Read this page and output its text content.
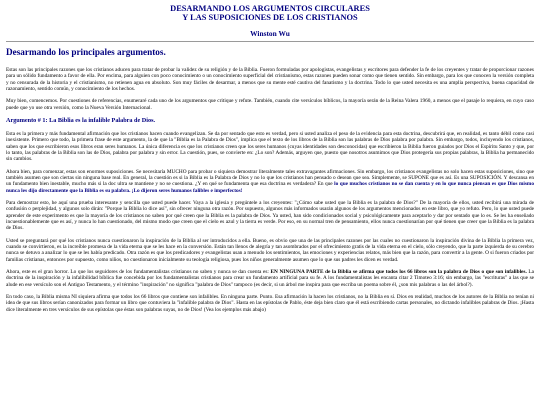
DESARMANDO LOS ARGUMENTOS CIRCULARES
Y LAS SUPOSICIONES DE LOS CRISTIANOS
Winston Wu
Desarmando los principales argumentos.

Estas son las principales razones que los cristianos aducen para tratar de probar la validez de su religión y de la Biblia. Fueron formuladas por apologistas, evangelistas y escritores para defender la fe de los creyentes y tratar de proporcionar razones para un sólido fundamento a favor de ella. Por encima, para alguien con poco conocimiento o un conocimiento superficial del cristianismo, estas razones pueden sonar como que tienen sentido. Sin embargo, para los que conocen la versión completa y no censurada de la historia y el cristianismo, no retienen agua en absoluto. Son muy fáciles de desarmar, a menos que su mente esté cautiva del fanatismo y la doctrina. Todo lo que usted necesita es una amplia perspectiva, buena capacidad de razonamiento, sentido común, y conocimiento de los hechos.

Muy bien, comencemos. Por cuestiones de referencias, enumeraré cada uno de los argumentos que critique y refute. También, cuando cite versículos bíblicos, la mayoría serán de la Reina Valera 1960, a menos que el pasaje lo requiera, en cuyo caso puede que yo use otra versión, como la Nueva Versión Internacional.

Argumento # 1: La Biblia es la infalible Palabra de Dios.

Esta es la primera y más fundamental afirmación que los cristianos hacen cuando evangelizan. Se da por sentado que esto es verdad, pero si usted analiza el peso de la evidencia para esta doctrina, descubrirá que, en realidad, es tanto débil como casi inexistente. Primero que todo, la primera frase de este argumento, la de que la "Biblia es la Palabra de Dios", implica que el texto de los libros de la Biblia son las palabras de Dios palabra por palabra. Sin embargo, todos, incluyendo los cristianos, saben que los que escribieron esos libros eran seres humanos. La única diferencia es que los cristianos creen que los seres humanos (cuyas identidades son desconocidas) que escribieron la Biblia fueron guiados por Dios el Espíritu Santo y que, por lo tanto, las palabras de la Biblia son las de Dios, palabra por palabra y sin error. La cuestión, pues, se convierte en: ¿Lo son? Además, arguyen que, puesto que nosotros asumimos que Dios protegería sus propias palabras, la Biblia ha permanecido sin cambios.

Ahora bien, para comenzar, estas son enormes suposiciones. Se necesitaría MUCHO para probar o siquiera demostrar literalmente tales extravagantes afirmaciones. Sin embargo, los cristianos evangelistas no solo hacen estas suposiciones, sino que también asumen que son ciertas sin ninguna base real. En general, la cuestión es si la Biblia es la Palabra de Dios y no lo que los cristianos han pensado o desean que sea. Simplemente, se SUPONE que es así. Es una SUPOSICIÓN. Y descansa en un fundamento bien inestable, mucho más si la doc ultra se mantiene y no se cuestiona. ¿Y en qué se fundamenta que esa doctrina es verdadera? En que lo que muchos cristianos no se dan cuenta y en lo que nunca piensan es que Dios mismo nunca les dijo directamente que la Biblia es su palabra. ¡Lo dijeron seres humanos falibles e imperfectos!

Para demostrar esto, he aquí una prueba interesante y sencilla que usted puede hacer. Vaya a la iglesia y pregúntele a los creyentes: "¿Cómo sabe usted que la Biblia es la palabra de Dios?" De la mayoría de ellos, usted recibirá una mirada de confusión o perplejidad, y algunos solo dirán: "Porque la Biblia lo dice así", sin ofrecer ninguna otra razón. Por supuesto, algunos más informados usarán algunos de los argumentos mencionados en este libro, que yo refuto. Pero, lo que usted puede aprender de este experimento es que la mayoría de los cristianos no saben por qué creen que la Biblia es la palabra de Dios. Ya usted, han sido condicionados social y psicológicamente para aceptarlo y dar por sentado que lo es. Se les ha enseñado incuestionablemente que es así, y nunca lo han cuestionado, del mismo modo que creen que el cielo es azul y la tierra es verde. Por eso, en su normal tren de pensamiento, ellos nunca cuestionarían por qué tienen que creer que la Biblia es la palabra de Dios.

Usted se preguntará por qué los cristianos nunca cuestionaron la inspiración de la Biblia al ser introducidos a ella. Bueno, es obvio que una de las principales razones por las cuales no cuestionaron la inspiración divina de la Biblia la primera vez, cuando se convirtieron, es la increíble promesa de la vida eterna que se les hace en la conversión. Están tan llenos de alegría y tan asombrados por el ofrecimiento gratis de la vida eterna en el cielo, sólo creyendo, que la parte izquierda de su cerebro nunca se detuvo a analizar lo que se les había predicado. Otra razón es que los predicadores y evangelistas usan a menudo los sentimientos, las emociones y experiencias relatos, más bien que la razón, para convertir a la gente. O si fueron criados por familias cristianas, entonces por supuesto, como niños, no cuestionaron inicialmente su teología religiosa, pues los niños generalmente asumen que lo que sus padres les dicen es verdad.

Ahora, este es el gran horror. Lo que los seguidores de los fundamentalistas cristianos no saben y nunca se dan cuenta es: EN NINGUNA PARTE de la Biblia se afirma que todos los 66 libros son la palabra de Dios o que son infalibles. La doctrina de la inspiración y la infalibilidad bíblica fue concebida por los fundamentalistas cristianos para crear un fundamento artificial para su fe. A los fundamentalistas les encanta citar 2 Timoteo 3:16; sin embargo, las "escrituras" a las que se alude en ese versículo son el Antiguo Testamento, y el término "inspiración" no significa "palabra de Dios" tampoco (es decir, si un árbol me inspira para que escriba un poema sobre él, ¿son mis palabras o las del árbol?).

En todo caso, la Biblia misma NI siquiera afirma que todos los 66 libros que contiene son infalibles. En ninguna parte. Punto. Esa afirmación la hacen los cristianos, no la Biblia en sí. Dios en realidad, muchos de los autores de la Biblia no tenían ni idea de que sus libros serían canonizados para formar un libro que contuviera la "infalible palabra de Dios". Hasta en las epístolas de Pablo, éste deja bien claro que él está escribiendo cartas personales, no dictando infalibles palabras de Dios. ¡Hasta dice literalmente en tres versículos de sus epístolas que éstas son palabras suyas, no de Dios! (Vea los ejemplos más abajo)
